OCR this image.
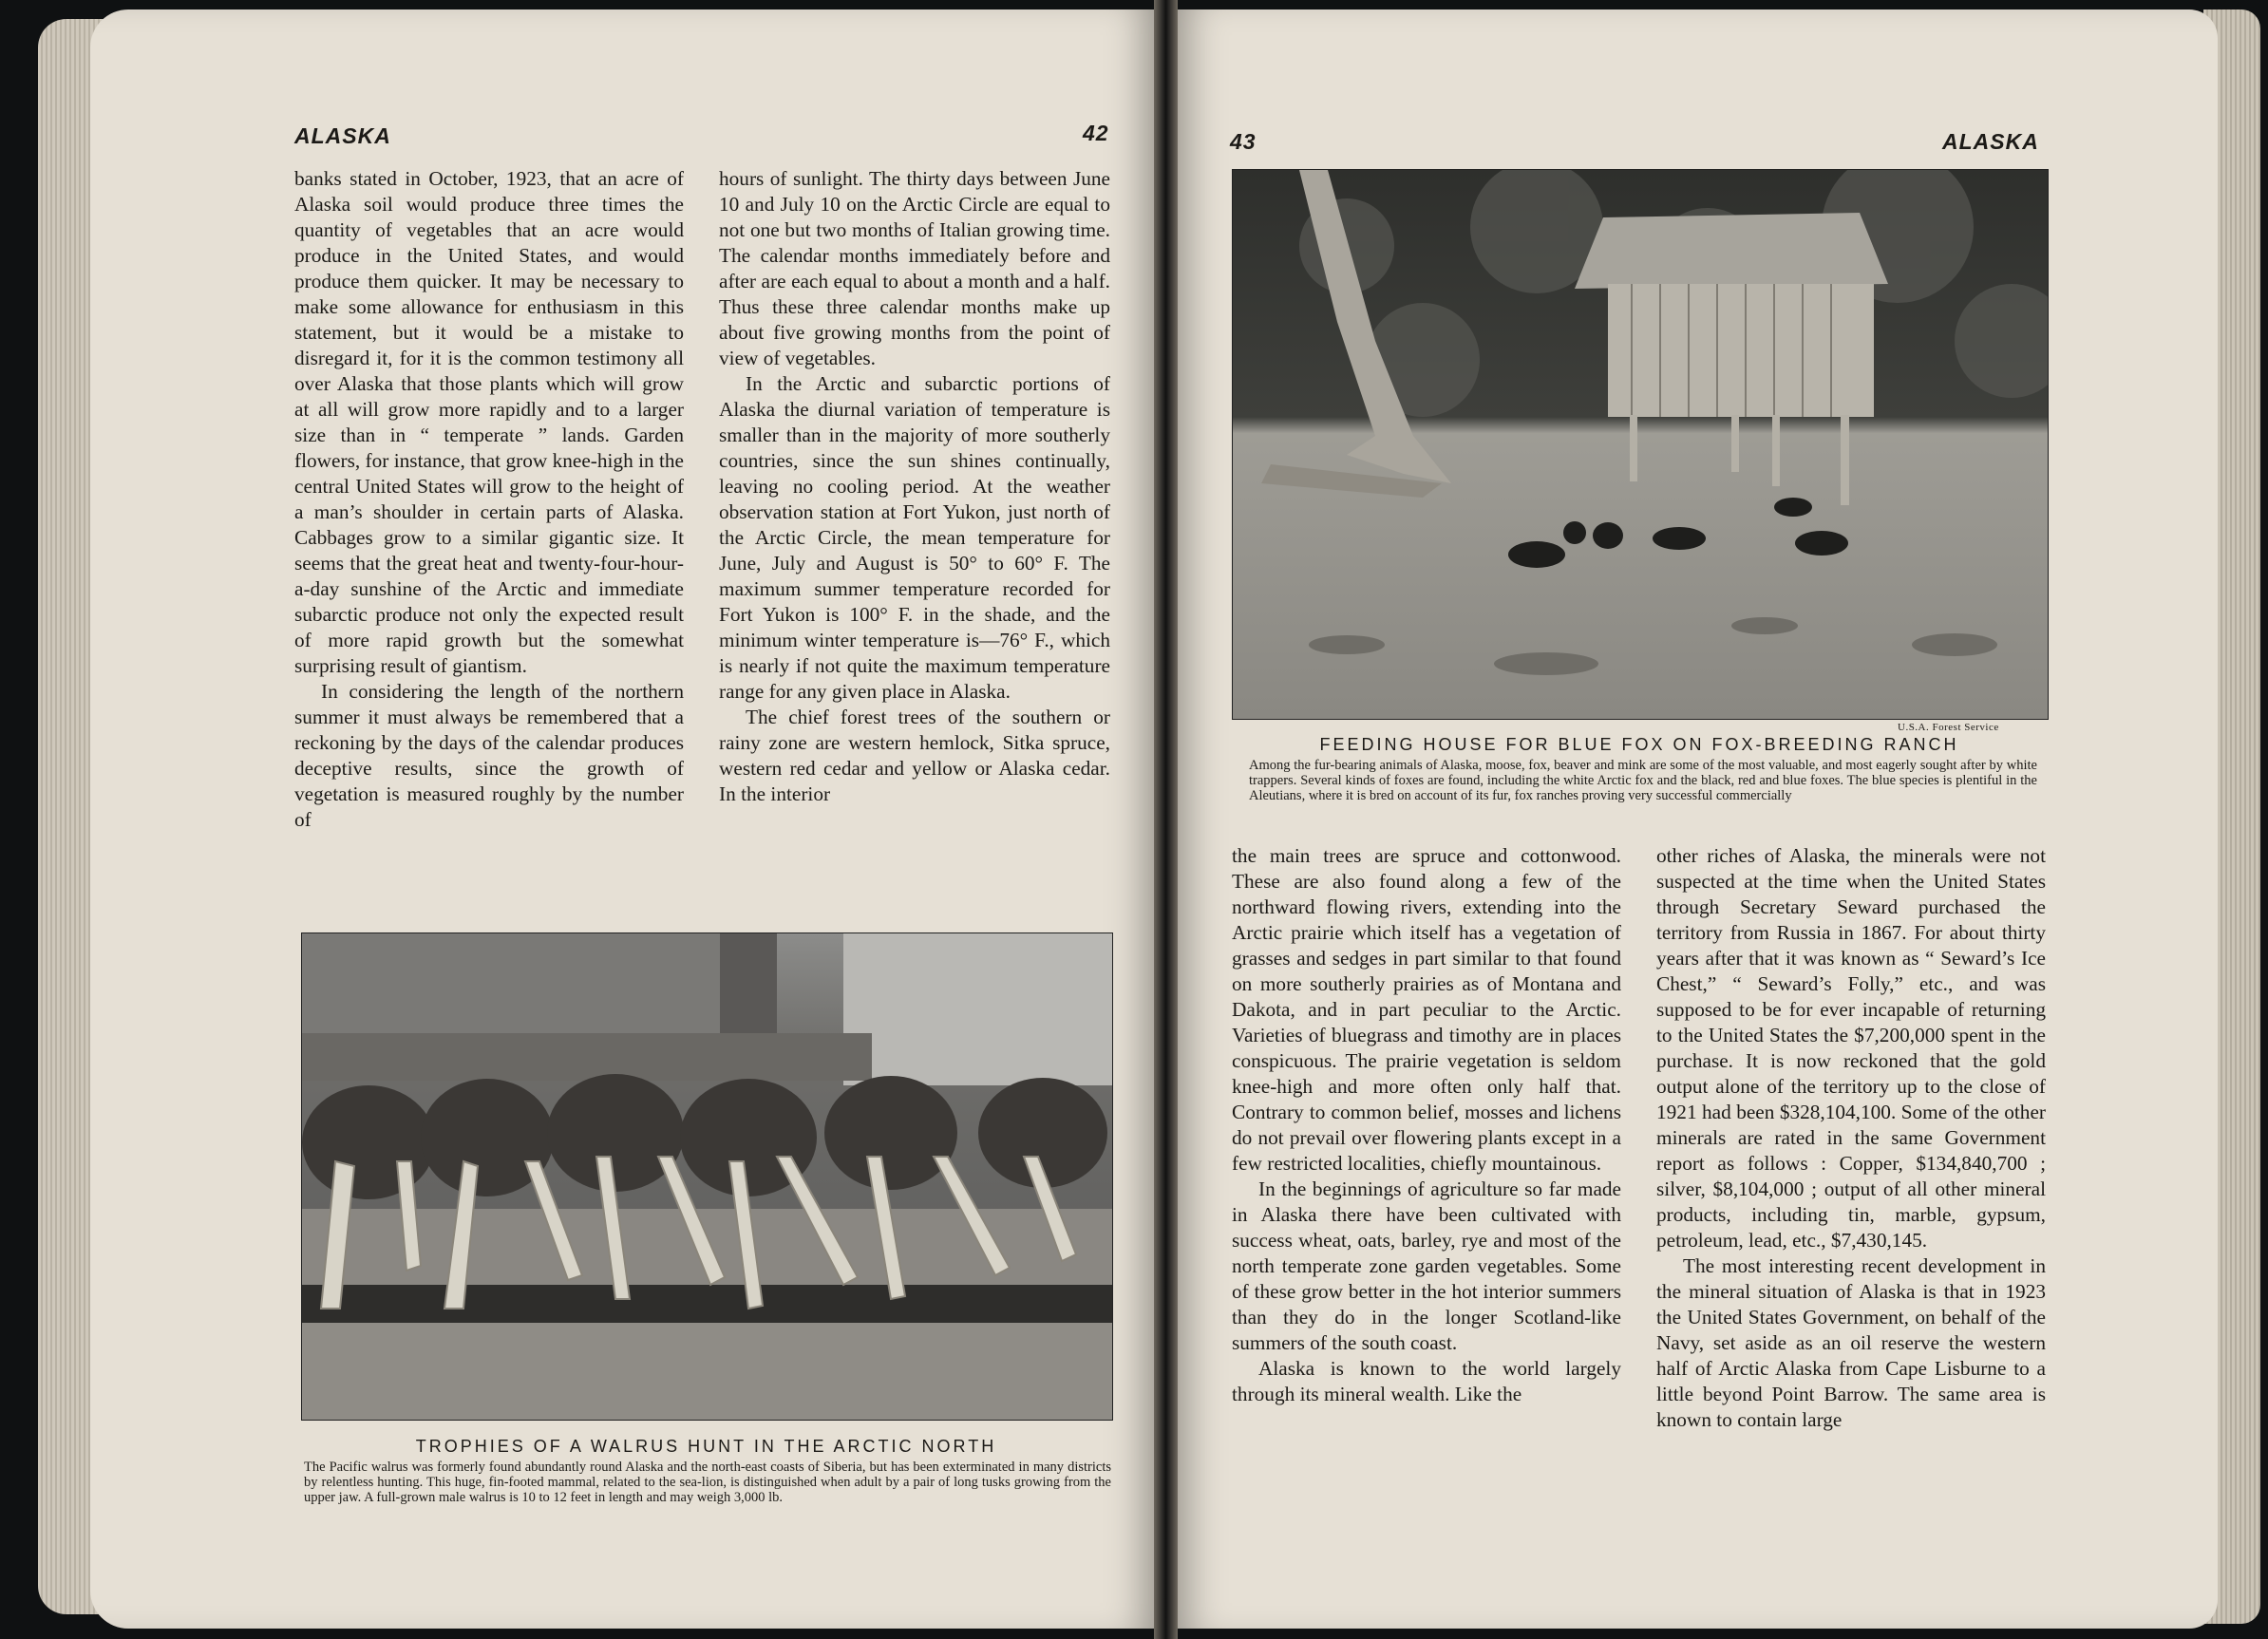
ALASKA	42

banks stated in October, 1923, that an acre of Alaska soil would produce three times the quantity of vegetables that an acre would produce in the United States, and would produce them quicker. It may be necessary to make some allowance for enthusiasm in this statement, but it would be a mistake to disregard it, for it is the common testimony all over Alaska that those plants which will grow at all will grow more rapidly and to a larger size than in “ temperate ” lands. Garden flowers, for instance, that grow knee-high in the central United States will grow to the height of a man’s shoulder in certain parts of Alaska. Cabbages grow to a similar gigantic size. It seems that the great heat and twenty-four-hour-a-day sunshine of the Arctic and immediate subarctic produce not only the expected result of more rapid growth but the somewhat surprising result of giantism.

In considering the length of the northern summer it must always be remembered that a reckoning by the days of the calendar produces deceptive results, since the growth of vegetation is measured roughly by the number of

hours of sunlight. The thirty days between June 10 and July 10 on the Arctic Circle are equal to not one but two months of Italian growing time. The calendar months immediately before and after are each equal to about a month and a half. Thus these three calendar months make up about five growing months from the point of view of vegetables.

In the Arctic and subarctic portions of Alaska the diurnal variation of temperature is smaller than in the majority of more southerly countries, since the sun shines continually, leaving no cooling period. At the weather observation station at Fort Yukon, just north of the Arctic Circle, the mean temperature for June, July and August is 50° to 60° F. The maximum summer temperature recorded for Fort Yukon is 100° F. in the shade, and the minimum winter temperature is—76° F., which is nearly if not quite the maximum temperature range for any given place in Alaska.

The chief forest trees of the southern or rainy zone are western hemlock, Sitka spruce, western red cedar and yellow or Alaska cedar. In the interior

TROPHIES OF A WALRUS HUNT IN THE ARCTIC NORTH
The Pacific walrus was formerly found abundantly round Alaska and the north-east coasts of Siberia, but has been exterminated in many districts by relentless hunting. This huge, fin-footed mammal, related to the sea-lion, is distinguished when adult by a pair of long tusks growing from the upper jaw. A full-grown male walrus is 10 to 12 feet in length and may weigh 3,000 lb.
43	ALASKA
U.S.A. Forest Service
FEEDING HOUSE FOR BLUE FOX ON FOX-BREEDING RANCH
Among the fur-bearing animals of Alaska, moose, fox, beaver and mink are some of the most valuable, and most eagerly sought after by white trappers. Several kinds of foxes are found, including the white Arctic fox and the black, red and blue foxes. The blue species is plentiful in the Aleutians, where it is bred on account of its fur, fox ranches proving very successful commercially

the main trees are spruce and cottonwood. These are also found along a few of the northward flowing rivers, extending into the Arctic prairie which itself has a vegetation of grasses and sedges in part similar to that found on more southerly prairies as of Montana and Dakota, and in part peculiar to the Arctic. Varieties of bluegrass and timothy are in places conspicuous. The prairie vegetation is seldom knee-high and more often only half that. Contrary to common belief, mosses and lichens do not prevail over flowering plants except in a few restricted localities, chiefly mountainous.

In the beginnings of agriculture so far made in Alaska there have been cultivated with success wheat, oats, barley, rye and most of the north temperate zone garden vegetables. Some of these grow better in the hot interior summers than they do in the longer Scotland-like summers of the south coast.

Alaska is known to the world largely through its mineral wealth. Like the

other riches of Alaska, the minerals were not suspected at the time when the United States through Secretary Seward purchased the territory from Russia in 1867. For about thirty years after that it was known as “ Seward’s Ice Chest,” “ Seward’s Folly,” etc., and was supposed to be for ever incapable of returning to the United States the $7,200,000 spent in the purchase. It is now reckoned that the gold output alone of the territory up to the close of 1921 had been $328,104,100. Some of the other minerals are rated in the same Government report as follows : Copper, $134,840,700 ; silver, $8,104,000 ; output of all other mineral products, including tin, marble, gypsum, petroleum, lead, etc., $7,430,145.

The most interesting recent development in the mineral situation of Alaska is that in 1923 the United States Government, on behalf of the Navy, set aside as an oil reserve the western half of Arctic Alaska from Cape Lisburne to a little beyond Point Barrow. The same area is known to contain large
